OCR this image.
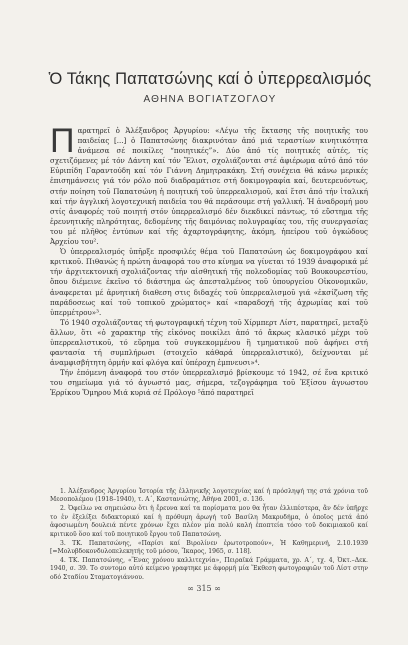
Ὁ Τάκης Παπατσώνης καί ὁ ὑπερρεαλισμός
ΑΘΗΝΑ ΒΟΓΙΑΤΖΟΓΛΟΥ

Παρατηρεῖ ὁ Ἀλέξανδρος Ἀργυρίου: «Λέγω τῆς ἔκτασης τῆς ποιητικῆς του παιδείας [...] ὁ Παπατσώνης διακρινόταν ἀπό μιά τεραστίων κινητικότητα ἀνάμεσα σέ ποικίλες “ποιητικές”». Δύο ἀπό τίς ποιητικές αὐτές, τίς σχετιζόμενες μέ τόν Δάντη καί τόν Ἔλιοτ, σχολιάζονται στέ ἀφιέρωμα αὐτό ἀπό τόν Εὐριπίδη Γαραντούδη καί τόν Γιάννη Δημητρακάκη. Στή συνέχεια θά κάνω μερικές ἐπισημάνσεις γιά τόν ρόλο ποῦ διαδραμάτισε στή δοκιμογραφία καί, δευτερευόντως, στήν ποίηση τοῦ Παπατσώνη ἡ ποιητική τοῦ ὑπερρεαλισμοῦ, καί ἔτσι ἀπό τήν ἰταλική καί τήν ἀγγλική λογοτεχνική παιδεία του θά περάσουμε στή γαλλική. Ἡ ἀναδρομή μου στίς ἀναφορές τοῦ ποιητή στόν ὑπερρεαλισμό δέν διεκδικεί πάντως, τό εὔστημα τῆς ἐρευνητικῆς πληρότητας, δεδομένης τῆς δαιμόνιας πολυγραφίας του, τῆς συνεργασίας του μέ πλῆθος ἐντύπων καί τῆς ἀχαρτογράφητης, ἀκόμη, ἠπείρου τοῦ ὀγκώδους Ἀρχείου του².

Ὁ ὑπερρεαλισμός ὑπῆρξε προσφιλές θέμα τοῦ Παπατσώνη ὡς δοκιμογράφου καί κριτικοῦ. Πιθανώς ἡ πρώτη ἀναφορά του στο κίνημα να γίνεται τό 1939 ἀναφορικά μέ τήν ἀρχιτεκτονική σχολιάζοντας τήν αἰσθητική τῆς πολεοδομίας τοῦ Βουκουρεστίου, ὅπου διέμεινε ἐκεῖνο τό διάστημα ὡς ἀπεσταλμένος τοῦ ὑπουργείου Οἰκονομικῶν, ἀναφερεται μέ ἀρνητική διαθεση στις διδαχές τοῦ ὑπερρεαλισμοῦ γιά «ἐκσίζωση τῆς παράδοσεως καί τοῦ τοπικοῦ χρώματος» καί «παραδοχή τῆς ἀχρωμίας καί τοῦ ὑπερμέτρου»³.

Τό 1940 σχολιάζοντας τή φωτογραφική τέχνη τοῦ Χίρμπερτ Λίστ, παρατηρεῖ, μεταξύ ἄλλων, ὅτι «ὁ χαρακτηρ τῆς εἰκόνος ποικίλει ἀπό τό ἄκρως κλασικό μέχρι τοῦ ὑπερρεαλιστικοῦ, τό εὕρημα τοῦ συγκεκομμένου ἢ τμηματικοῦ ποῦ ἀφήνει στή φαντασία τή συμπλήρωσι (στοιχεῖο κάθαρά ὑπερρεαλιστικό), δείχνονται μέ ἀναμφισβήτητη ὁρμήν καί φλόγα καί ὑπέροχη ἐμπνευσι»⁴.

Τήν ἑπόμενη ἀναφορά του στόν ὑπερρεαλισμό βρίσκουμε τό 1942, σέ ἕνα κριτικό του σημείωμα γιά τό ἀγνωστό μας, σήμερα, τεζογράφημα τοῦ Ἐξίσου ἀγνωστου Ἐρρίκου Ὅμηρου Μιά κυριά σέ Πρόλογο ⁵ἀπό παρατηρεῖ

1. Ἀλέξανδρος Ἀργυρίου Ἱστορία τῆς ἑλληνικῆς λογοτεχνίας καί ἡ πρόσληψή της στά χρόνια τοῦ Μεσοπολέμου (1918–1940), τ. Α΄, Καστανιώτης, Ἀθήνα 2001, σ. 136.

2. Ὀφείλω να σημειώσω ὅτι ἡ ἔρευνα καί τα πορίσματα μου θα ἦταν ἐλλιπέστερα, ἂν δέν ὑπῆρχε το ἐν ἐξελίξει διδακτορικό καί ἡ πρόθυμη ἀρωγή τοῦ Βασίλη Μακρυδήμα, ὁ ὁποῖος μετά ἀπό ἀφοσιωμένη δουλειά πέντε χρόνων ἔχει πλέον μία πολύ καλή ἐποπτεία τόσο τοῦ δοκιμιακοῦ καί κριτικοῦ ὅσο καί τοῦ ποιητικοῦ ἔργου τοῦ Παπατσώνη.

3. ΤΚ. Παπατσώνης, «Παρίσι καί Βιρολίνεν ἐρωτοτροπούν», Ἡ Καθημερινή, 2.10.1939 [=Μολυβδοκονδυλοπελεκητής τοῦ μόσου, Ἴκαρος, 1965, σ. 118].

4. ΤΚ. Παπατσώνης, «Ἕνας χρόνου καλλιτεχνία», Πειραϊκά Γράμματα, χρ. Α΄, τχ. 4, Ὀκτ.–Δεκ. 1940, σ. 39. Το συντομο αὐτό κείμενο γραφτηκε με ἀφορμή μία Ἔκθεση φωτογραφιῶν τοῦ Λίστ στην οδό Σταδίου Σταματογιάννου.

∞ 315 ∞
